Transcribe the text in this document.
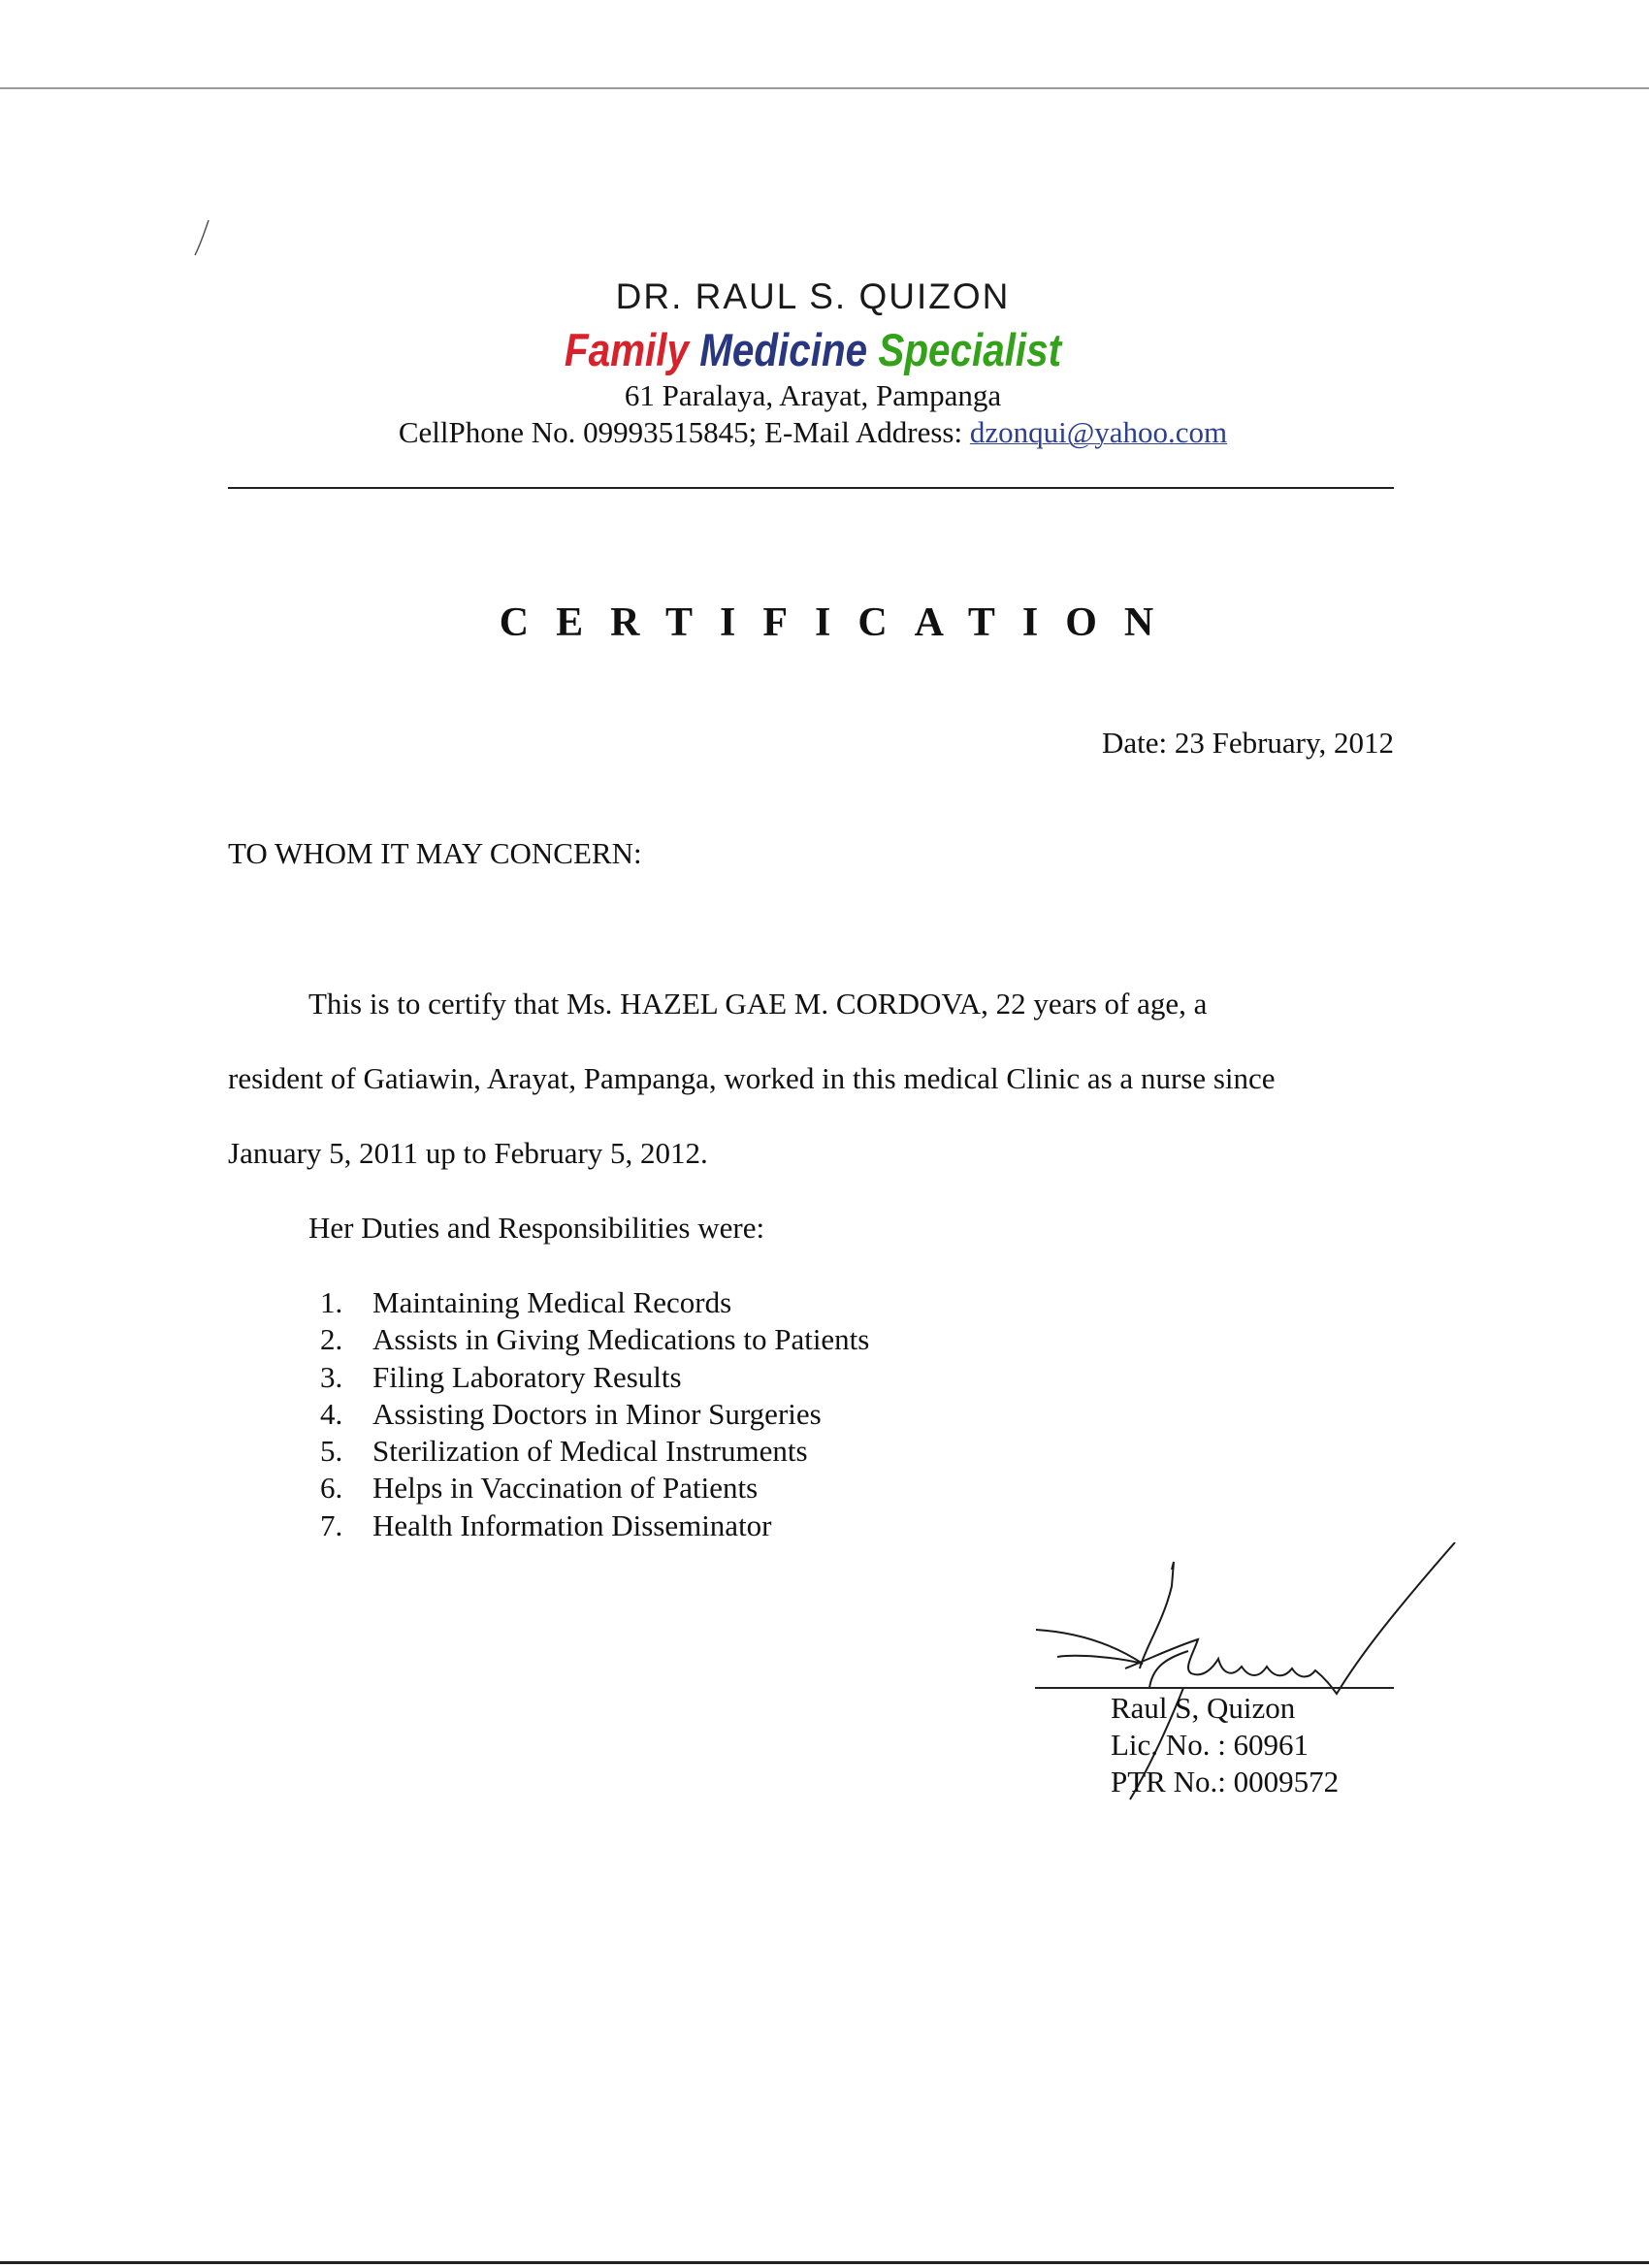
DR. RAUL S. QUIZON
Family Medicine Specialist
61 Paralaya, Arayat, Pampanga
CellPhone No. 09993515845; E-Mail Address: dzonqui@yahoo.com
CERTIFICATION
Date: 23 February, 2012
TO WHOM IT MAY CONCERN:
This is to certify that Ms. HAZEL GAE M. CORDOVA, 22 years of age, a
resident of Gatiawin, Arayat, Pampanga, worked in this medical Clinic as a nurse since
January 5, 2011 up to February 5, 2012.
Her Duties and Responsibilities were:
1. Maintaining Medical Records
2. Assists in Giving Medications to Patients
3. Filing Laboratory Results
4. Assisting Doctors in Minor Surgeries
5. Sterilization of Medical Instruments
6. Helps in Vaccination of Patients
7. Health Information Disseminator
Raul S, Quizon
Lic. No. : 60961
PTR No.: 0009572
